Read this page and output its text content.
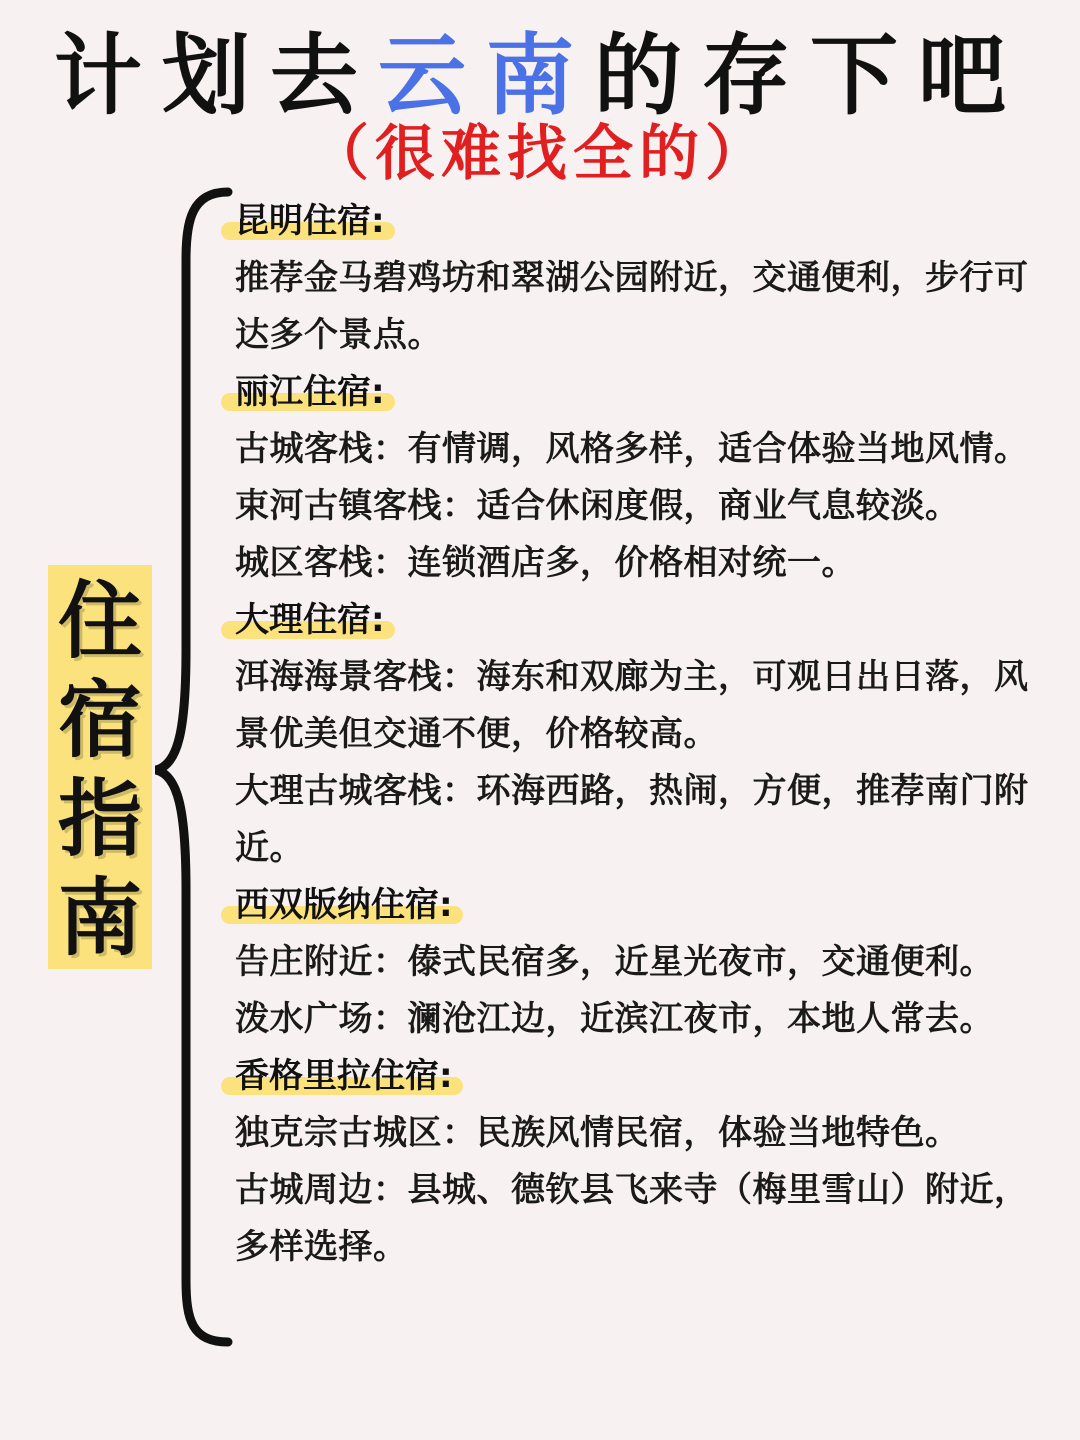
计划去云南的存下吧
（很难找全的）
住
宿
指
南
昆明住宿:
推荐金马碧鸡坊和翠湖公园附近，交通便利，步行可达多个景点。
丽江住宿:
古城客栈：有情调，风格多样，适合体验当地风情。
束河古镇客栈：适合休闲度假，商业气息较淡。
城区客栈：连锁酒店多，价格相对统一。
大理住宿:
洱海海景客栈：海东和双廊为主，可观日出日落，风景优美但交通不便，价格较高。
大理古城客栈：环海西路，热闹，方便，推荐南门附近。
西双版纳住宿:
告庄附近：傣式民宿多，近星光夜市，交通便利。
泼水广场：澜沧江边，近滨江夜市，本地人常去。
香格里拉住宿:
独克宗古城区：民族风情民宿，体验当地特色。
古城周边：县城、德钦县飞来寺（梅里雪山）附近，多样选择。
